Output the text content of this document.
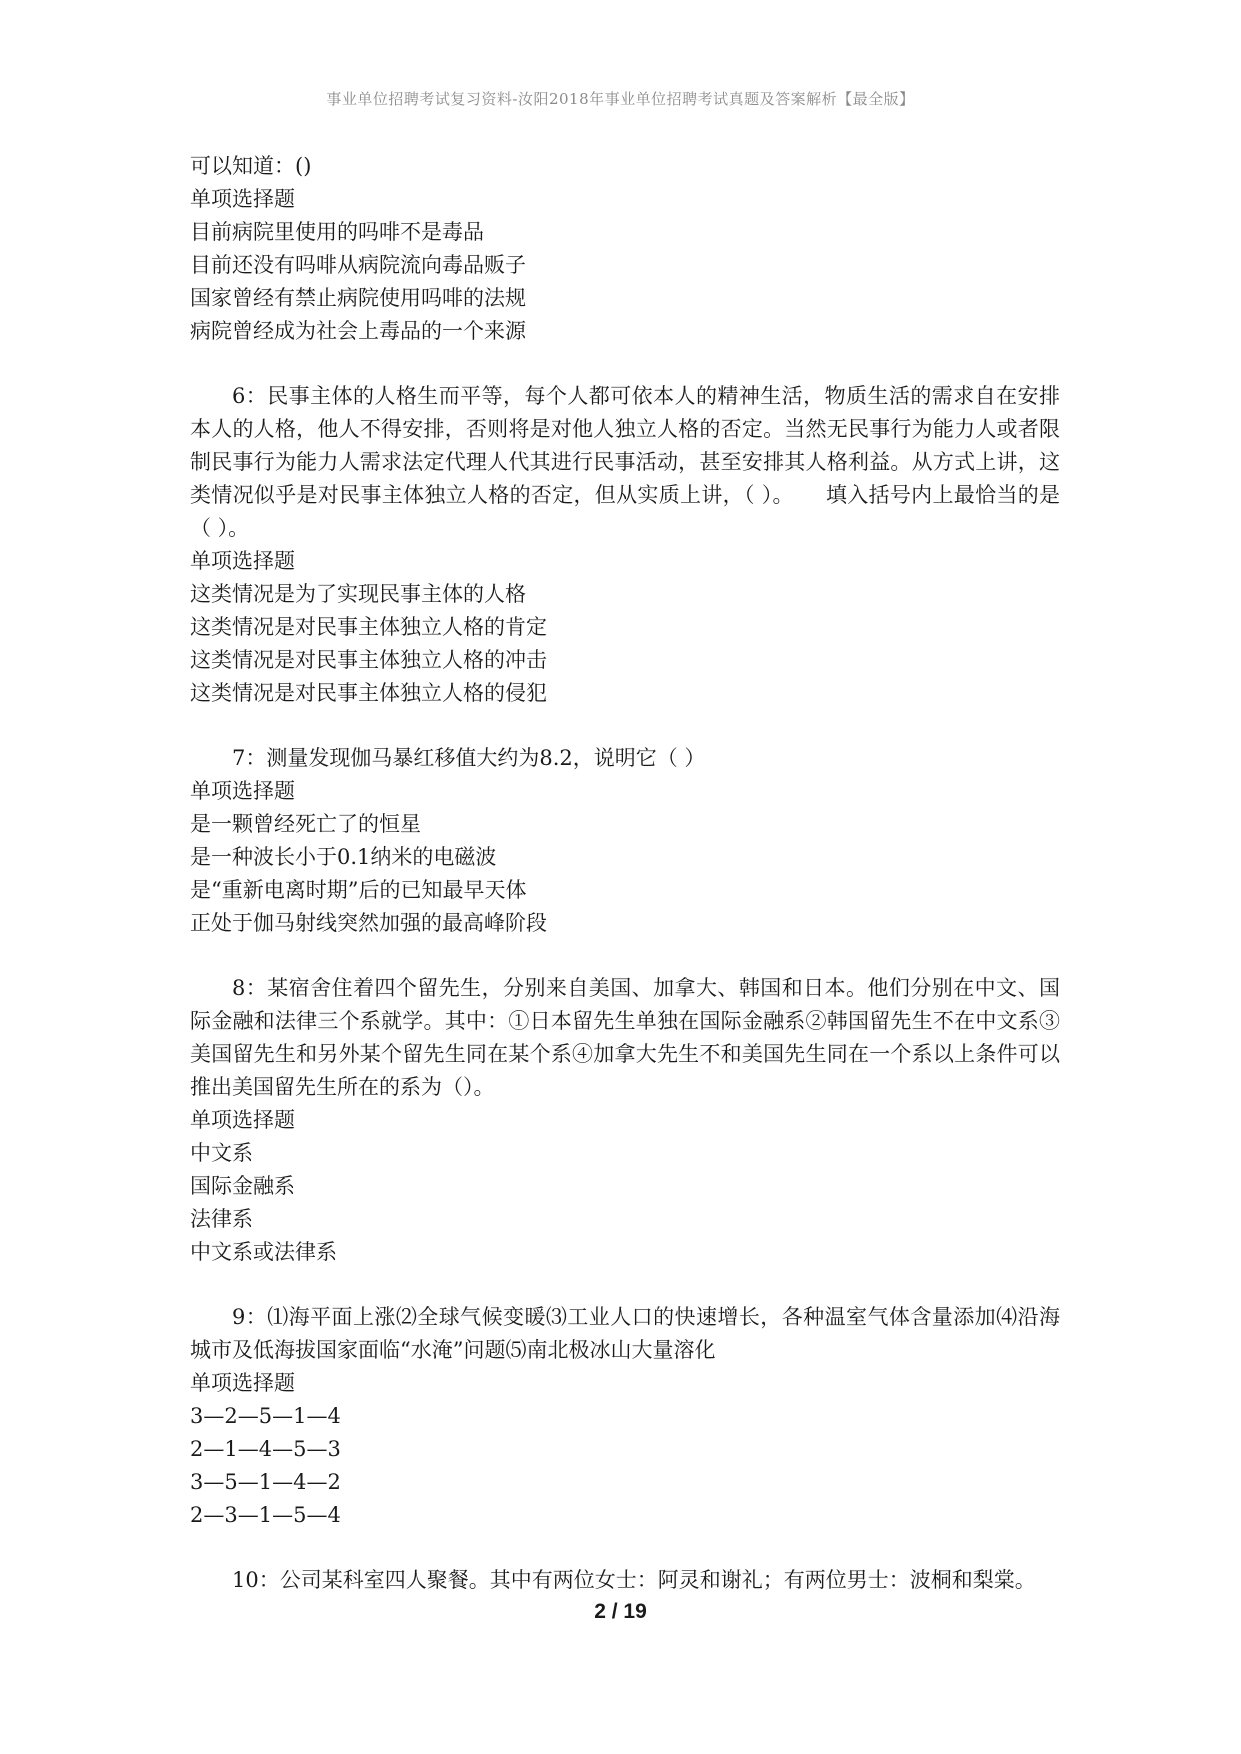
事业单位招聘考试复习资料-汝阳2018年事业单位招聘考试真题及答案解析【最全版】
可以知道：()
单项选择题
目前病院里使用的吗啡不是毒品
目前还没有吗啡从病院流向毒品贩子
国家曾经有禁止病院使用吗啡的法规
病院曾经成为社会上毒品的一个来源
6：民事主体的人格生而平等，每个人都可依本人的精神生活，物质生活的需求自在安排本人的人格，他人不得安排，否则将是对他人独立人格的否定。当然无民事行为能力人或者限制民事行为能力人需求法定代理人代其进行民事活动，甚至安排其人格利益。从方式上讲，这类情况似乎是对民事主体独立人格的否定，但从实质上讲，（ ）。　　填入括号内上最恰当的是（ ）。
单项选择题
这类情况是为了实现民事主体的人格
这类情况是对民事主体独立人格的肯定
这类情况是对民事主体独立人格的冲击
这类情况是对民事主体独立人格的侵犯
7：测量发现伽马暴红移值大约为8.2，说明它（ ）
单项选择题
是一颗曾经死亡了的恒星
是一种波长小于0.1纳米的电磁波
是“重新电离时期”后的已知最早天体
正处于伽马射线突然加强的最高峰阶段
8：某宿舍住着四个留先生，分别来自美国、加拿大、韩国和日本。他们分别在中文、国际金融和法律三个系就学。其中：①日本留先生单独在国际金融系②韩国留先生不在中文系③美国留先生和另外某个留先生同在某个系④加拿大先生不和美国先生同在一个系以上条件可以推出美国留先生所在的系为（）。
单项选择题
中文系
国际金融系
法律系
中文系或法律系
9：⑴海平面上涨⑵全球气候变暖⑶工业人口的快速增长，各种温室气体含量添加⑷沿海城市及低海拔国家面临“水淹”问题⑸南北极冰山大量溶化
单项选择题
3—2—5—1—4
2—1—4—5—3
3—5—1—4—2
2—3—1—5—4
10：公司某科室四人聚餐。其中有两位女士：阿灵和谢礼；有两位男士：波桐和梨棠。
2 / 19
